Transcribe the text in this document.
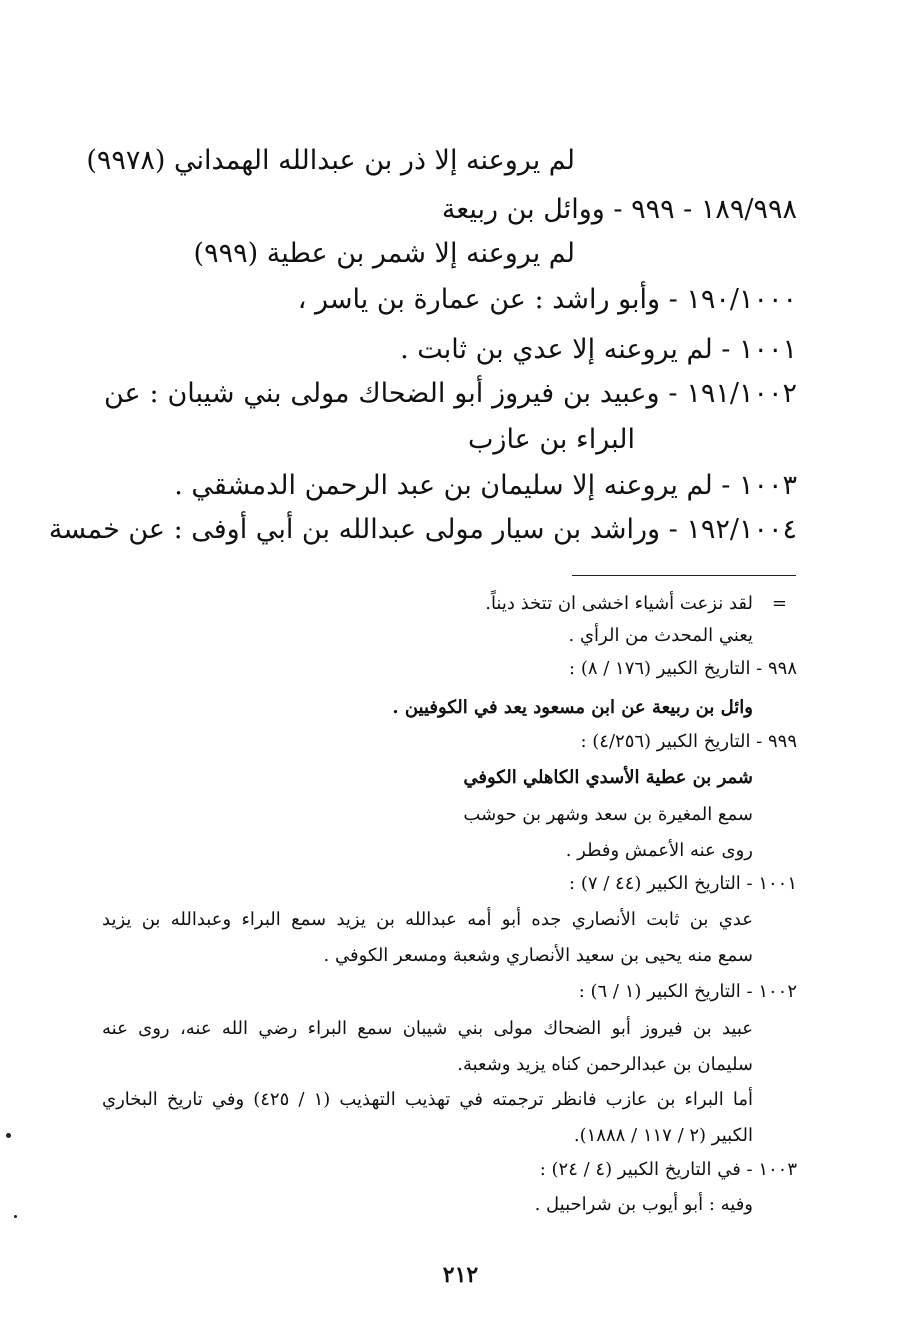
لم يروعنه إلا ذر بن عبدالله الهمداني (٩٩٧٨)
١٨٩/٩٩٨ - ٩٩٩ - ووائل بن ربيعة
لم يروعنه إلا شمر بن عطية (٩٩٩)
١٩٠/١٠٠٠ - وأبو راشد : عن عمارة بن ياسر ،
١٠٠١ - لم يروعنه إلا عدي بن ثابت .
١٩١/١٠٠٢ - وعبيد بن فيروز أبو الضحاك مولى بني شيبان : عن
البراء بن عازب
١٠٠٣ - لم يروعنه إلا سليمان بن عبد الرحمن الدمشقي .
١٩٢/١٠٠٤ - وراشد بن سيار مولى عبدالله بن أبي أوفى : عن خمسة
=
لقد نزعت أشياء اخشى ان تتخذ ديناً.
يعني المحدث من الرأي .
٩٩٨ - التاريخ الكبير (١٧٦ / ٨) :
وائل بن ربيعة عن ابن مسعود يعد في الكوفيين .
٩٩٩ - التاريخ الكبير (٤/٢٥٦) :
شمر بن عطية الأسدي الكاهلي الكوفي
سمع المغيرة بن سعد وشهر بن حوشب
روى عنه الأعمش وفطر .
١٠٠١ - التاريخ الكبير (٤٤ / ٧) :
عدي بن ثابت الأنصاري جده أبو أمه عبدالله بن يزيد سمع البراء وعبدالله بن يزيد
سمع منه يحيى بن سعيد الأنصاري وشعبة ومسعر الكوفي .
١٠٠٢ - التاريخ الكبير (١ / ٦) :
عبيد بن فيروز أبو الضحاك مولى بني شيبان سمع البراء رضي الله عنه، روى عنه
سليمان بن عبدالرحمن كناه يزيد وشعبة.
أما البراء بن عازب فانظر ترجمته في تهذيب التهذيب (١ / ٤٢٥) وفي تاريخ البخاري
الكبير (٢ / ١١٧ / ١٨٨٨).
١٠٠٣ - في التاريخ الكبير (٤ / ٢٤) :
وفيه : أبو أيوب بن شراحبيل .
٢١٢
